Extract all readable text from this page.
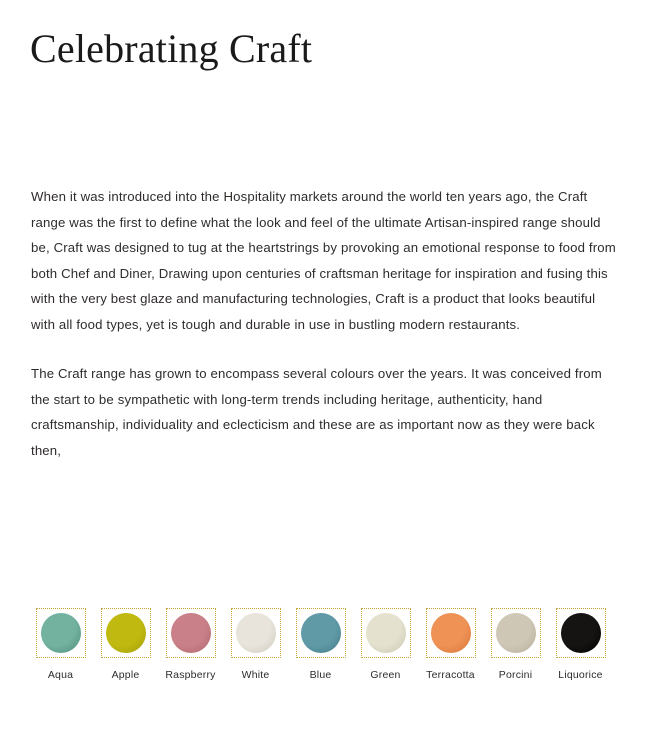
Celebrating Craft

When it was introduced into the Hospitality markets around the world ten years ago, the Craft range was the first to define what the look and feel of the ultimate Artisan-inspired range should be, Craft was designed to tug at the heartstrings by provoking an emotional response to food from both Chef and Diner, Drawing upon centuries of craftsman heritage for inspiration and fusing this with the very best glaze and manufacturing technologies, Craft is a product that looks beautiful with all food types, yet is tough and durable in use in bustling modern restaurants.

The Craft range has grown to encompass several colours over the years. It was conceived from the start to be sympathetic with long-term trends including heritage, authenticity, hand craftsmanship, individuality and eclecticism and these are as important now as they were back then,

Aqua	Apple Raspberry White	Blue	Green Terracotta Porcini Liquorice
